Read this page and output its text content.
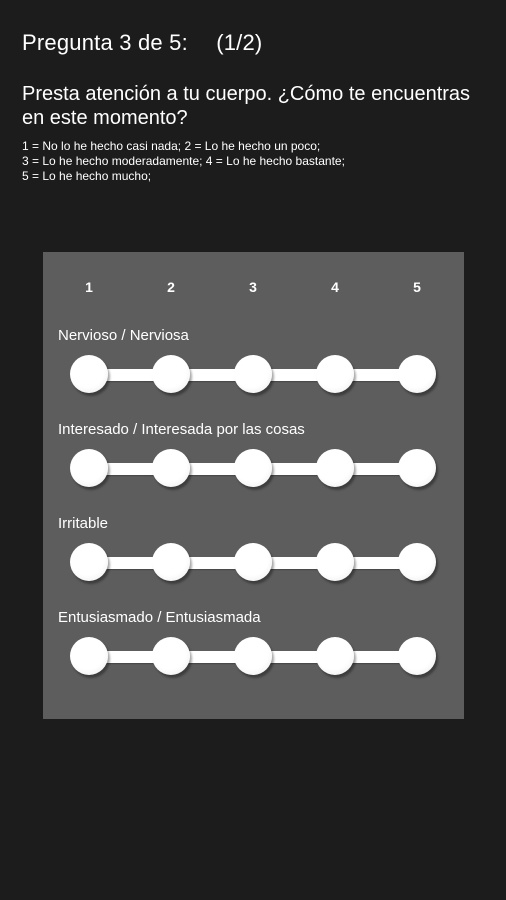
Pregunta 3 de 5: (1/2)
Presta atención a tu cuerpo. ¿Cómo te encuentras en este momento?
1 = No lo he hecho casi nada; 2 = Lo he hecho un poco;
3 = Lo he hecho moderadamente; 4 = Lo he hecho bastante;
5 = Lo he hecho mucho;
1	2	3	4	5
Nervioso / Nerviosa
Interesado / Interesada por las cosas
Irritable
Entusiasmado / Entusiasmada
